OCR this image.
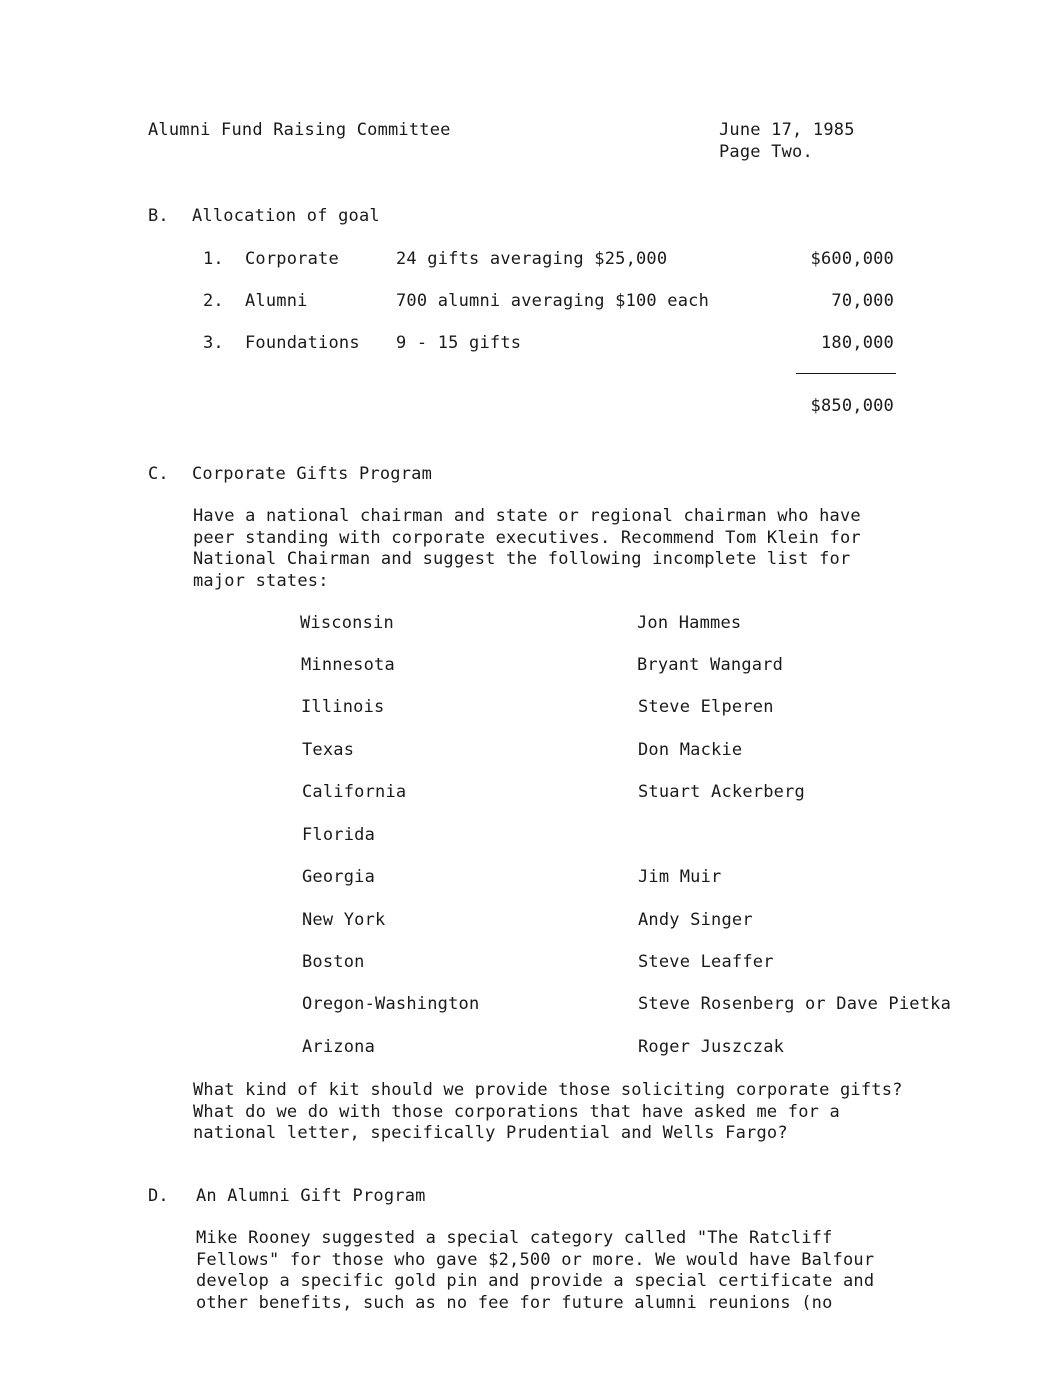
Alumni Fund Raising Committee	June 17, 1985
Page Two.
B. Allocation of goal
1. Corporate	24 gifts averaging $25,000	$600,000
2. Alumni	700 alumni averaging $100 each	70,000
3. Foundations 9 - 15 gifts	180,000
$850,000
C. Corporate Gifts Program
Have a national chairman and state or regional chairman who have
peer standing with corporate executives. Recommend Tom Klein for
National Chairman and suggest the following incomplete list for
major states:
Wisconsin	Jon Hammes
Minnesota	Bryant Wangard
Illinois	Steve Elperen
Texas	Don Mackie
California	Stuart Ackerberg
Florida
Georgia	Jim Muir
New York	Andy Singer
Boston	Steve Leaffer
Oregon-Washington	Steve Rosenberg or Dave Pietka
Arizona	Roger Juszczak
What kind of kit should we provide those soliciting corporate gifts?
What do we do with those corporations that have asked me for a
national letter, specifically Prudential and Wells Fargo?
D. An Alumni Gift Program
Mike Rooney suggested a special category called "The Ratcliff
Fellows" for those who gave $2,500 or more. We would have Balfour
develop a specific gold pin and provide a special certificate and
other benefits, such as no fee for future alumni reunions (no
